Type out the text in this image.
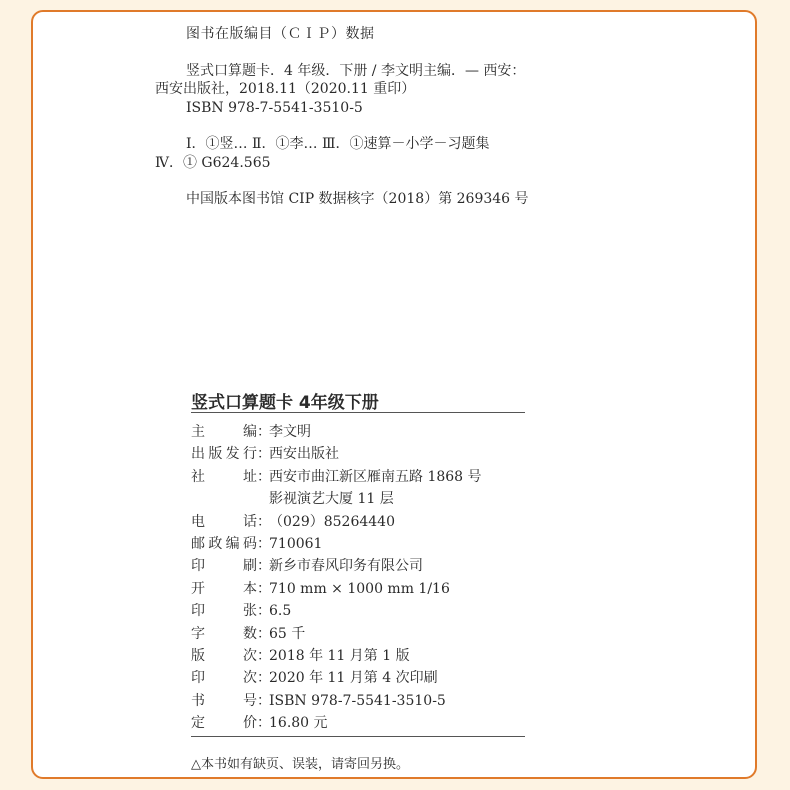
图书在版编目（ＣＩＰ）数据
竖式口算题卡．4 年级．下册 / 李文明主编．— 西安：
西安出版社，2018.11（2020.11 重印）
ISBN 978-7-5541-3510-5
Ⅰ．①竖… Ⅱ．①李… Ⅲ．①速算－小学－习题集
Ⅳ．① G624.565
中国版本图书馆 CIP 数据核字（2018）第 269346 号
竖式口算题卡 4年级下册
主	编 ：
李文明
出 版 发 行 ：
西安出版社
社	址 ：
西安市曲江新区雁南五路 1868 号
影视演艺大厦 11 层
电	话 ：
（029）85264440
邮 政 编 码 ：
710061
印	刷 ：
新乡市春风印务有限公司
开	本 ：
710 mm × 1000 mm 1/16
印	张 ：
6.5
字	数 ：
65 千
版	次 ：
2018 年 11 月第 1 版
印	次 ：
2020 年 11 月第 4 次印刷
书	号 ：
ISBN 978-7-5541-3510-5
定	价 ：
16.80 元
△本书如有缺页、误装，请寄回另换。
